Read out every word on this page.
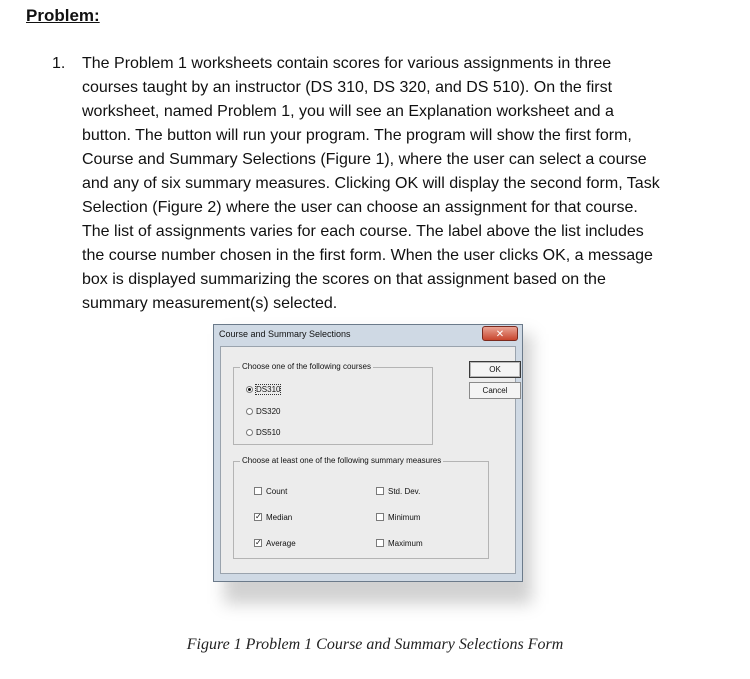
Problem:
1. The Problem 1 worksheets contain scores for various assignments in three
courses taught by an instructor (DS 310, DS 320, and DS 510). On the first
worksheet, named Problem 1, you will see an Explanation worksheet and a
button. The button will run your program. The program will show the first form,
Course and Summary Selections (Figure 1), where the user can select a course
and any of six summary measures. Clicking OK will display the second form, Task
Selection (Figure 2) where the user can choose an assignment for that course.
The list of assignments varies for each course. The label above the list includes
the course number chosen in the first form. When the user clicks OK, a message
box is displayed summarizing the scores on that assignment based on the
summary measurement(s) selected.

Course and Summary Selections	✕
Choose one of the following courses
DS310
DS320
DS510
OK
Cancel
Choose at least one of the following summary measures
Count	Std. Dev.
✓ Median	Minimum
✓ Average	Maximum

Figure 1 Problem 1 Course and Summary Selections Form
